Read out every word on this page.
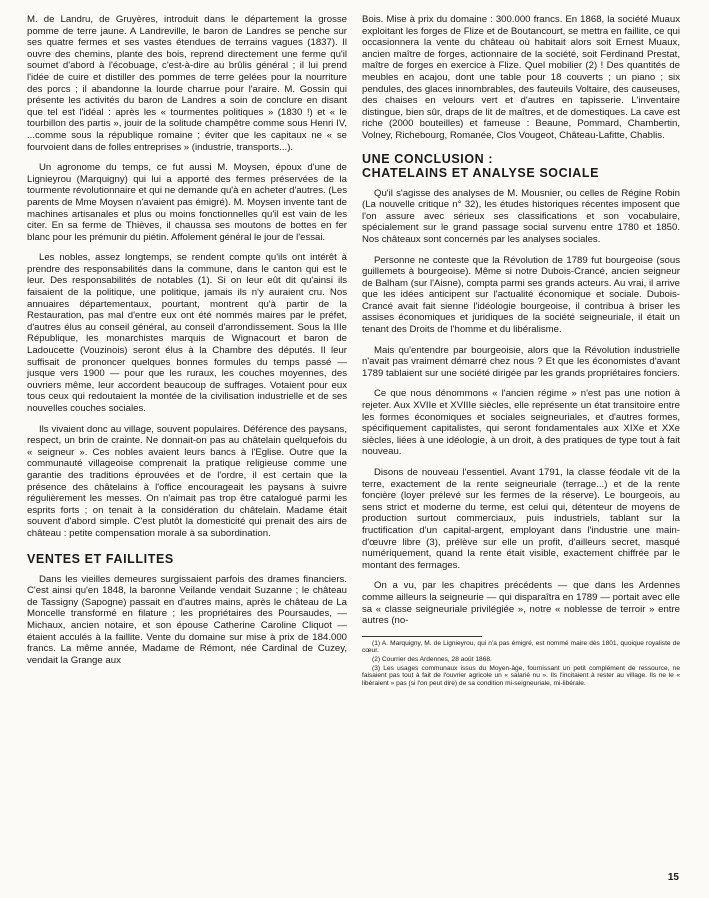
M. de Landru, de Gruyères, introduit dans le département la grosse pomme de terre jaune. A Landreville, le baron de Landres se penche sur ses quatre fermes et ses vastes étendues de terrains vagues (1837). Il ouvre des chemins, plante des bois, reprend directement une ferme qu'il soumet d'abord à l'écobuage, c'est-à-dire au brûlis général ; il lui prend l'idée de cuire et distiller des pommes de terre gelées pour la nourriture des porcs ; il abandonne la lourde charrue pour l'araire. M. Gossin qui présente les activités du baron de Landres a soin de conclure en disant que tel est l'idéal : après les « tourmentes politiques » (1830 !) et « le tourbillon des partis », jouir de la solitude champêtre comme sous Henri IV, ...comme sous la république romaine ; éviter que les capitaux ne « se fourvoient dans de folles entreprises » (industrie, transports...).

Un agronome du temps, ce fut aussi M. Moysen, époux d'une de Lignieyrou (Marquigny) qui lui a apporté des fermes préservées de la tourmente révolutionnaire et qui ne demande qu'à en acheter d'autres. (Les parents de Mme Moysen n'avaient pas émigré). M. Moysen invente tant de machines artisanales et plus ou moins fonctionnelles qu'il est vain de les citer. En sa ferme de Thièves, il chaussa ses moutons de bottes en fer blanc pour les prémunir du piétin. Affolement général le jour de l'essai.

Les nobles, assez longtemps, se rendent compte qu'ils ont intérêt à prendre des responsabilités dans la commune, dans le canton qui est le leur. Des responsabilités de notables (1). Si on leur eût dit qu'ainsi ils faisaient de la politique, une politique, jamais ils n'y auraient cru. Nos annuaires départementaux, pourtant, montrent qu'à partir de la Restauration, pas mal d'entre eux ont été nommés maires par le préfet, d'autres élus au conseil général, au conseil d'arrondissement. Sous la IIIe République, les monarchistes marquis de Wignacourt et baron de Ladoucette (Vouzinois) seront élus à la Chambre des députés. Il leur suffisait de prononcer quelques bonnes formules du temps passé — jusque vers 1900 — pour que les ruraux, les couches moyennes, des ouvriers même, leur accordent beaucoup de suffrages. Votaient pour eux tous ceux qui redoutaient la montée de la civilisation industrielle et de ses nouvelles couches sociales.

Ils vivaient donc au village, souvent populaires. Déférence des paysans, respect, un brin de crainte. Ne donnait-on pas au châtelain quelquefois du « seigneur ». Ces nobles avaient leurs bancs à l'Eglise. Outre que la communauté villageoise comprenait la pratique religieuse comme une garantie des traditions éprouvées et de l'ordre, il est certain que la présence des châtelains à l'office encourageait les paysans à suivre régulièrement les messes. On n'aimait pas trop être catalogué parmi les esprits forts ; on tenait à la considération du châtelain. Madame était souvent d'abord simple. C'est plutôt la domesticité qui prenait des airs de château : petite compensation morale à sa subordination.

VENTES ET FAILLITES

Dans les vieilles demeures surgissaient parfois des drames financiers. C'est ainsi qu'en 1848, la baronne Veilande vendait Suzanne ; le château de Tassigny (Sapogne) passait en d'autres mains, après le château de La Moncelle transformé en filature ; les propriétaires des Poursaudes, — Michaux, ancien notaire, et son épouse Catherine Caroline Cliquot — étaient acculés à la faillite. Vente du domaine sur mise à prix de 184.000 francs. La même année, Madame de Rémont, née Cardinal de Cuzey, vendait la Grange aux

Bois. Mise à prix du domaine : 300.000 francs. En 1868, la société Muaux exploitant les forges de Flize et de Boutancourt, se mettra en faillite, ce qui occasionnera la vente du château où habitait alors soit Ernest Muaux, ancien maître de forges, actionnaire de la société, soit Ferdinand Prestat, maître de forges en exercice à Flize. Quel mobilier (2) ! Des quantités de meubles en acajou, dont une table pour 18 couverts ; un piano ; six pendules, des glaces innombrables, des fauteuils Voltaire, des causeuses, des chaises en velours vert et d'autres en tapisserie. L'inventaire distingue, bien sûr, draps de lit de maîtres, et de domestiques. La cave est riche (2000 bouteilles) et fameuse : Beaune, Pommard, Chambertin, Volney, Richebourg, Romanée, Clos Vougeot, Château-Lafitte, Chablis.

UNE CONCLUSION :
CHATELAINS ET ANALYSE SOCIALE

Qu'il s'agisse des analyses de M. Mousnier, ou celles de Régine Robin (La nouvelle critique n° 32), les études historiques récentes imposent que l'on assure avec sérieux ses classifications et son vocabulaire, spécialement sur le grand passage social survenu entre 1780 et 1850. Nos châteaux sont concernés par les analyses sociales.

Personne ne conteste que la Révolution de 1789 fut bourgeoise (sous guillemets à bourgeoise). Même si notre Dubois-Crancé, ancien seigneur de Balham (sur l'Aisne), compta parmi ses grands acteurs. Au vrai, il arrive que les idées anticipent sur l'actualité économique et sociale. Dubois-Crancé avait fait sienne l'idéologie bourgeoise, il contribua à briser les assises économiques et juridiques de la société seigneuriale, il était un tenant des Droits de l'homme et du libéralisme.

Mais qu'entendre par bourgeoisie, alors que la Révolution industrielle n'avait pas vraiment démarré chez nous ? Et que les économistes d'avant 1789 tablaient sur une société dirigée par les grands propriétaires fonciers.

Ce que nous dénommons « l'ancien régime » n'est pas une notion à rejeter. Aux XVIIe et XVIIIe siècles, elle représente un état transitoire entre les formes économiques et sociales seigneuriales, et d'autres formes, spécifiquement capitalistes, qui seront fondamentales aux XIXe et XXe siècles, liées à une idéologie, à un droit, à des pratiques de type tout à fait nouveau.

Disons de nouveau l'essentiel. Avant 1791, la classe féodale vit de la terre, exactement de la rente seigneuriale (terrage...) et de la rente foncière (loyer prélevé sur les fermes de la réserve). Le bourgeois, au sens strict et moderne du terme, est celui qui, détenteur de moyens de production surtout commerciaux, puis industriels, tablant sur la fructification d'un capital-argent, employant dans l'industrie une main-d'œuvre libre (3), prélève sur elle un profit, d'ailleurs secret, masqué numériquement, quand la rente était visible, exactement chiffrée par le montant des fermages.

On a vu, par les chapitres précédents — que dans les Ardennes comme ailleurs la seigneurie — qui disparaîtra en 1789 — portait avec elle sa « classe seigneuriale privilégiée », notre « noblesse de terroir » entre autres (no-

(1) A. Marquigny, M. de Lignieyrou, qui n'a pas émigré, est nommé maire dès 1801, quoique royaliste de cœur.

(2) Courrier des Ardennes, 28 août 1868.

(3) Les usages communaux issus du Moyen-âge, fournissant un petit complément de ressource, ne faisaient pas tout à fait de l'ouvrier agricole un « salarié nu ». Ils l'incitaient à rester au village. Ils ne le « libéraient » pas (si l'on peut dire) de sa condition mi-seigneuriale, mi-libérale.

15
